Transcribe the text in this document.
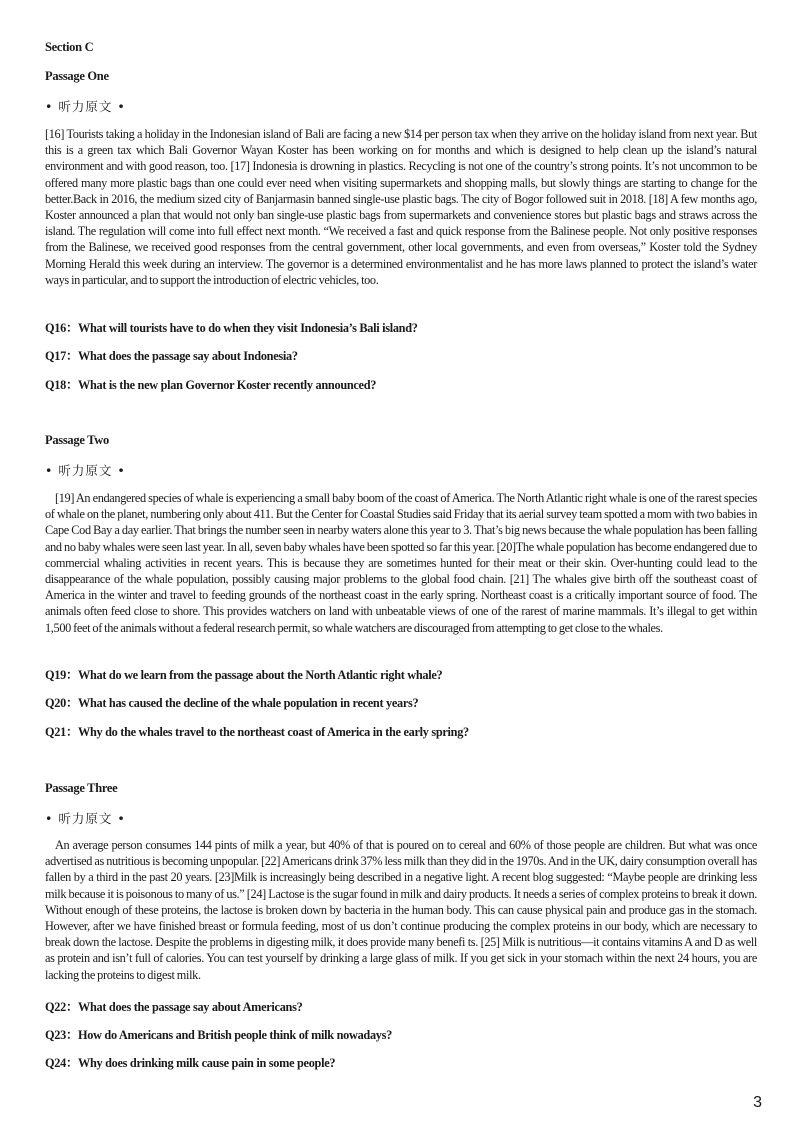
Section C
Passage One
• 听力原文 •
[16] Tourists taking a holiday in the Indonesian island of Bali are facing a new $14 per person tax when they arrive on the holiday island from next year. But this is a green tax which Bali Governor Wayan Koster has been working on for months and which is designed to help clean up the island’s natural environment and with good reason, too. [17] Indonesia is drowning in plastics. Recycling is not one of the country’s strong points. It’s not uncommon to be offered many more plastic bags than one could ever need when visiting supermarkets and shopping malls, but slowly things are starting to change for the better.Back in 2016, the medium sized city of Banjarmasin banned single-use plastic bags. The city of Bogor followed suit in 2018. [18] A few months ago, Koster announced a plan that would not only ban single-use plastic bags from supermarkets and convenience stores but plastic bags and straws across the island. The regulation will come into full effect next month. “We received a fast and quick response from the Balinese people. Not only positive responses from the Balinese, we received good responses from the central government, other local governments, and even from overseas,” Koster told the Sydney Morning Herald this week during an interview. The governor is a determined environmentalist and he has more laws planned to protect the island’s water ways in particular, and to support the introduction of electric vehicles, too.
Q16：What will tourists have to do when they visit Indonesia’s Bali island?
Q17：What does the passage say about Indonesia?
Q18：What is the new plan Governor Koster recently announced?
Passage Two
• 听力原文 •
[19] An endangered species of whale is experiencing a small baby boom of the coast of America. The North Atlantic right whale is one of the rarest species of whale on the planet, numbering only about 411. But the Center for Coastal Studies said Friday that its aerial survey team spotted a mom with two babies in Cape Cod Bay a day earlier. That brings the number seen in nearby waters alone this year to 3. That’s big news because the whale population has been falling and no baby whales were seen last year. In all, seven baby whales have been spotted so far this year. [20]The whale population has become endangered due to commercial whaling activities in recent years. This is because they are sometimes hunted for their meat or their skin. Over-hunting could lead to the disappearance of the whale population, possibly causing major problems to the global food chain. [21] The whales give birth off the southeast coast of America in the winter and travel to feeding grounds of the northeast coast in the early spring. Northeast coast is a critically important source of food. The animals often feed close to shore. This provides watchers on land with unbeatable views of one of the rarest of marine mammals. It’s illegal to get within 1,500 feet of the animals without a federal research permit, so whale watchers are discouraged from attempting to get close to the whales.
Q19：What do we learn from the passage about the North Atlantic right whale?
Q20：What has caused the decline of the whale population in recent years?
Q21：Why do the whales travel to the northeast coast of America in the early spring?
Passage Three
• 听力原文 •
An average person consumes 144 pints of milk a year, but 40% of that is poured on to cereal and 60% of those people are children. But what was once advertised as nutritious is becoming unpopular. [22] Americans drink 37% less milk than they did in the 1970s. And in the UK, dairy consumption overall has fallen by a third in the past 20 years. [23]Milk is increasingly being described in a negative light. A recent blog suggested: “Maybe people are drinking less milk because it is poisonous to many of us.” [24] Lactose is the sugar found in milk and dairy products. It needs a series of complex proteins to break it down. Without enough of these proteins, the lactose is broken down by bacteria in the human body. This can cause physical pain and produce gas in the stomach. However, after we have finished breast or formula feeding, most of us don’t continue producing the complex proteins in our body, which are necessary to break down the lactose. Despite the problems in digesting milk, it does provide many benefi ts. [25] Milk is nutritious—it contains vitamins A and D as well as protein and isn’t full of calories. You can test yourself by drinking a large glass of milk. If you get sick in your stomach within the next 24 hours, you are lacking the proteins to digest milk.
Q22：What does the passage say about Americans?
Q23：How do Americans and British people think of milk nowadays?
Q24：Why does drinking milk cause pain in some people?
3
